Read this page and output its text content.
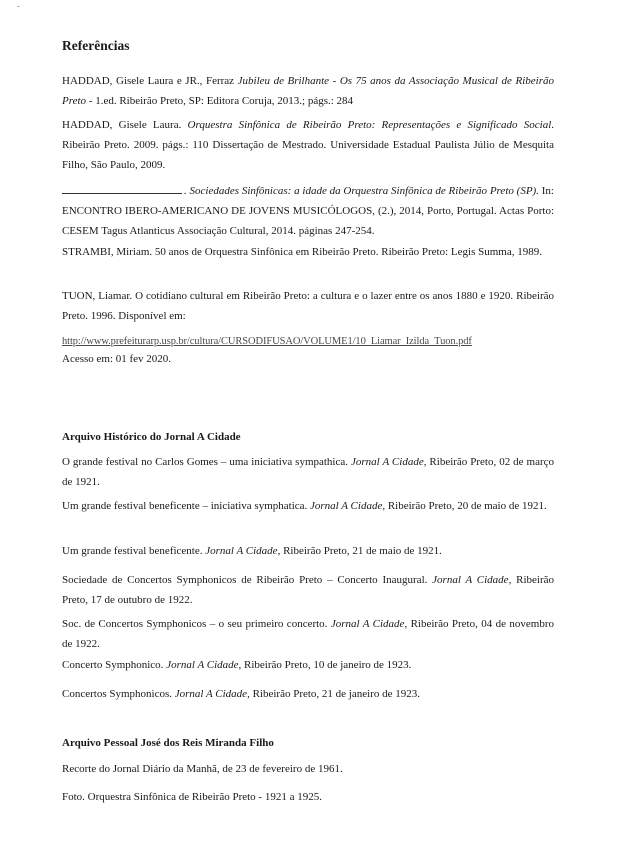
Referências

HADDAD, Gisele Laura e JR., Ferraz Jubileu de Brilhante - Os 75 anos da Associação Musical de Ribeirão Preto - 1.ed. Ribeirão Preto, SP: Editora Coruja, 2013.; págs.: 284

HADDAD, Gisele Laura. Orquestra Sinfônica de Ribeirão Preto: Representações e Significado Social. Ribeirão Preto. 2009. págs.: 110 Dissertação de Mestrado. Universidade Estadual Paulista Júlio de Mesquita Filho, São Paulo, 2009.

. Sociedades Sinfônicas: a idade da Orquestra Sinfônica de Ribeirão Preto (SP). In: ENCONTRO IBERO-AMERICANO DE JOVENS MUSICÓLOGOS, (2.), 2014, Porto, Portugal. Actas Porto: CESEM Tagus Atlanticus Associação Cultural, 2014. páginas 247-254.

STRAMBI, Miriam. 50 anos de Orquestra Sinfônica em Ribeirão Preto. Ribeirão Preto: Legis Summa, 1989.

TUON, Liamar. O cotidiano cultural em Ribeirão Preto: a cultura e o lazer entre os anos 1880 e 1920. Ribeirão Preto. 1996. Disponível em:

http://www.prefeiturarp.usp.br/cultura/CURSODIFUSAO/VOLUME1/10_Liamar_Izilda_Tuon.pdf

Acesso em: 01 fev 2020.

Arquivo Histórico do Jornal A Cidade

O grande festival no Carlos Gomes – uma iniciativa sympathica. Jornal A Cidade, Ribeirão Preto, 02 de março de 1921.

Um grande festival beneficente – iniciativa symphatica. Jornal A Cidade, Ribeirão Preto, 20 de maio de 1921.

Um grande festival beneficente. Jornal A Cidade, Ribeirão Preto, 21 de maio de 1921.

Sociedade de Concertos Symphonicos de Ribeirão Preto – Concerto Inaugural. Jornal A Cidade, Ribeirão Preto, 17 de outubro de 1922.

Soc. de Concertos Symphonicos – o seu primeiro concerto. Jornal A Cidade, Ribeirão Preto, 04 de novembro de 1922.

Concerto Symphonico. Jornal A Cidade, Ribeirão Preto, 10 de janeiro de 1923.

Concertos Symphonicos. Jornal A Cidade, Ribeirão Preto, 21 de janeiro de 1923.

Arquivo Pessoal José dos Reis Miranda Filho

Recorte do Jornal Diário da Manhã, de 23 de fevereiro de 1961.

Foto. Orquestra Sinfônica de Ribeirão Preto - 1921 a 1925.
